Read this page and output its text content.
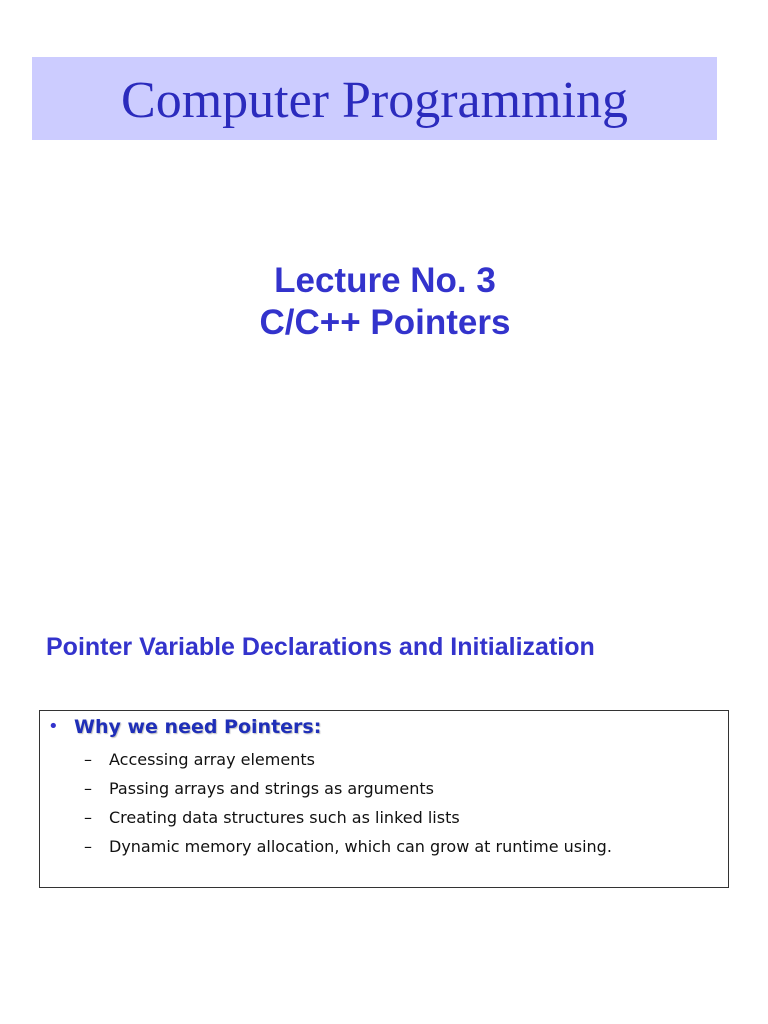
Computer Programming
Lecture No. 3
C/C++ Pointers
Pointer Variable Declarations and Initialization
• Why we need Pointers:
–	Accessing array elements
–	Passing arrays and strings as arguments
–	Creating data structures such as linked lists
–	Dynamic memory allocation, which can grow at runtime using.
